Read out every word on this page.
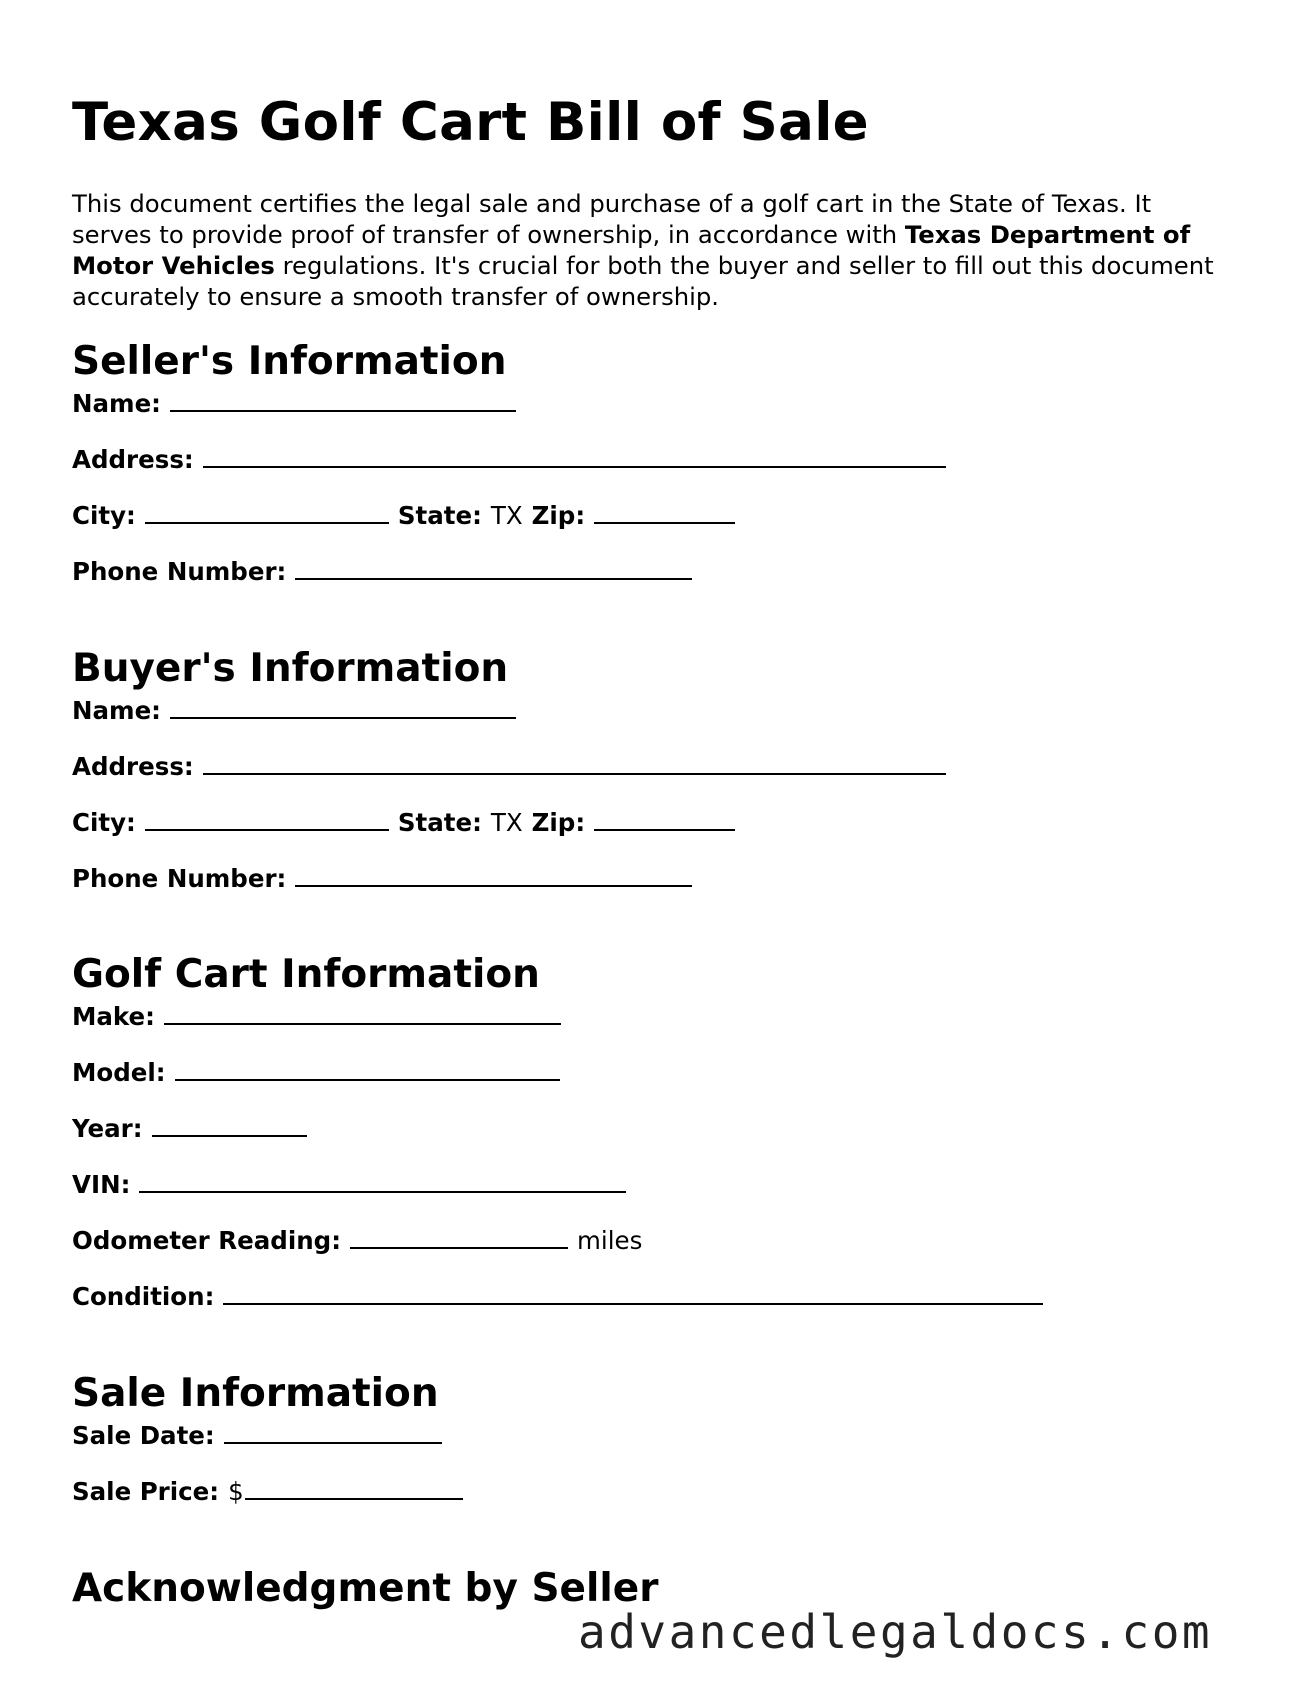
Texas Golf Cart Bill of Sale

This document certifies the legal sale and purchase of a golf cart in the State of Texas. It serves to provide proof of transfer of ownership, in accordance with Texas Department of Motor Vehicles regulations. It's crucial for both the buyer and seller to fill out this document accurately to ensure a smooth transfer of ownership.

Seller's Information
Name:
Address:
City:	State: TX Zip:
Phone Number:
Buyer's Information
Name:
Address:
City:	State: TX Zip:
Phone Number:
Golf Cart Information
Make:
Model:
Year:
VIN:
Odometer Reading:	miles
Condition:
Sale Information
Sale Date:
Sale Price: $
Acknowledgment by Seller
advancedlegaldocs.com
